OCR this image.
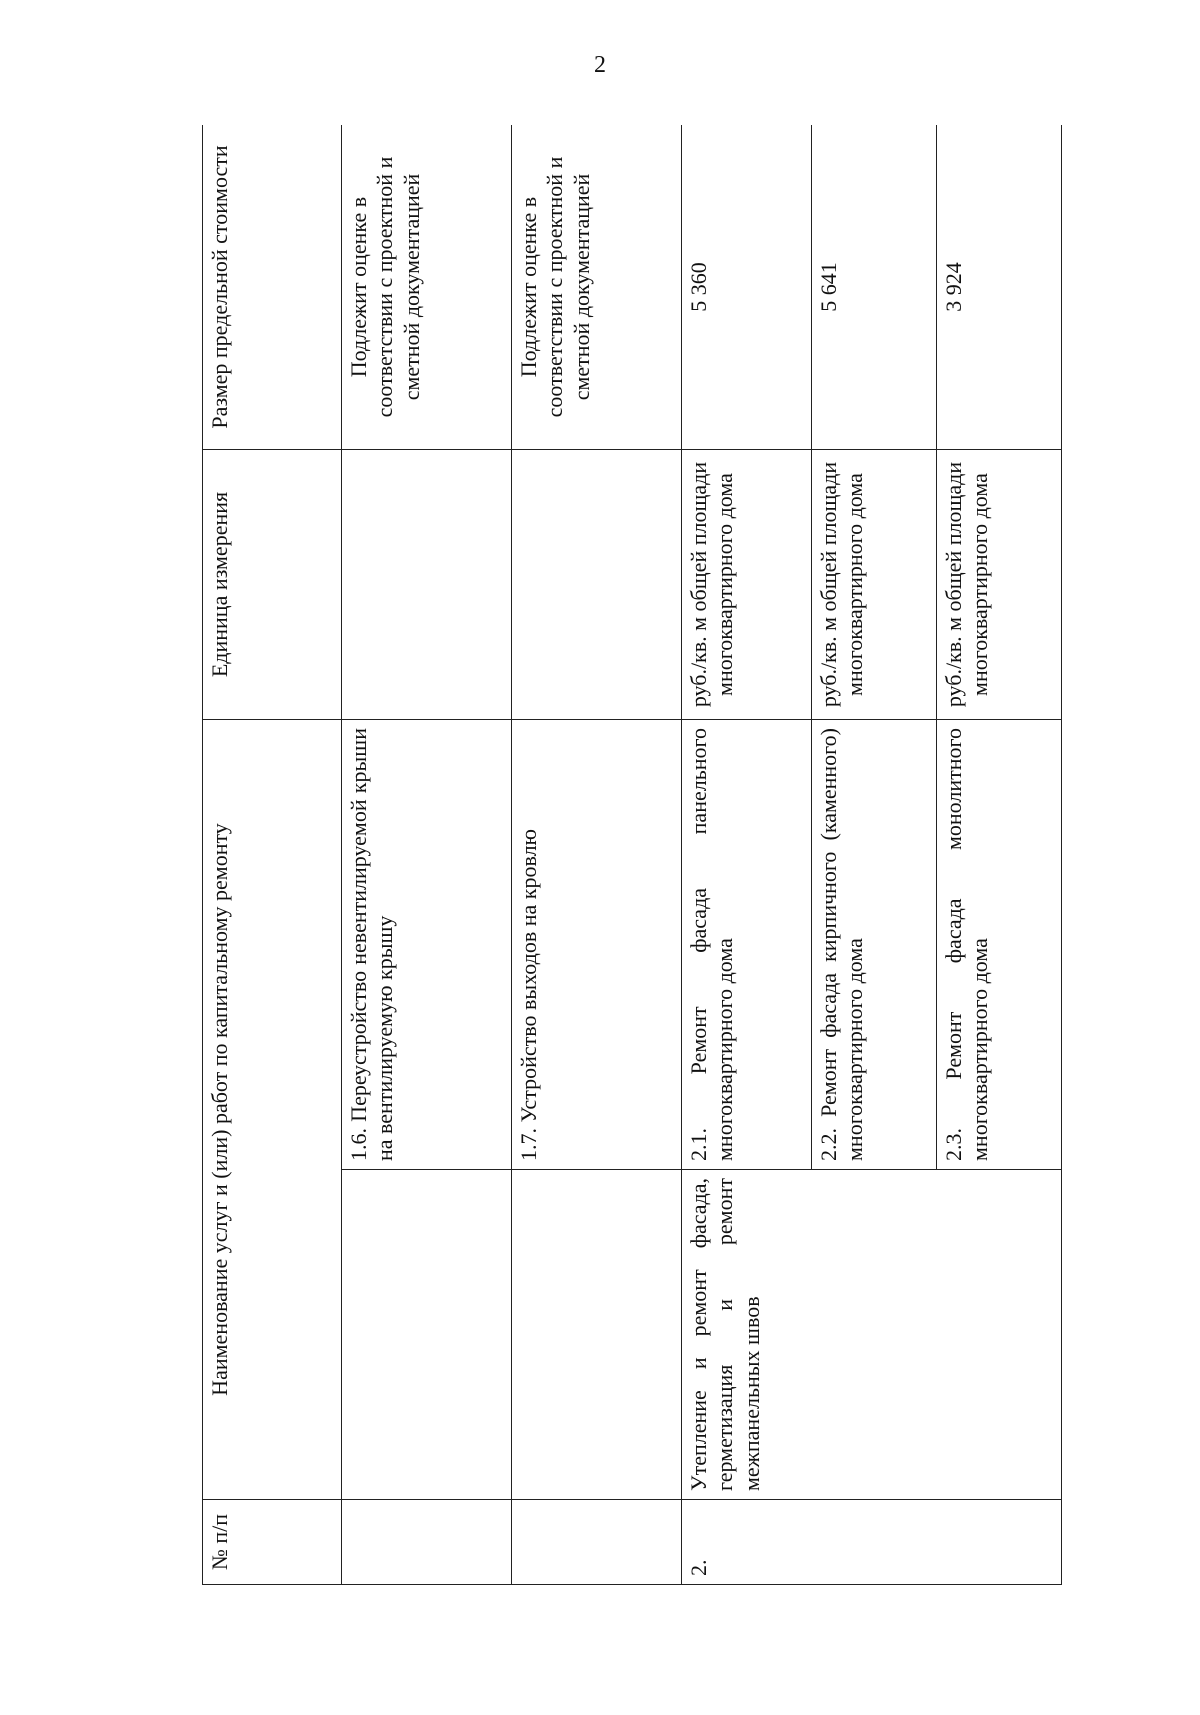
2
№ п/п	Наименование услуг и (или) работ по капитальному ремонту		Единица измерения	Размер предельной стоимости
		1.6. Переустройство невентилируемой крыши на вентилируемую крышу		Подлежит оценке в соответствии с проектной и сметной документацией
		1.7. Устройство выходов на кровлю		Подлежит оценке в соответствии с проектной и сметной документацией
2.	Утепление и ремонт фасада, герметизация и ремонт межпанельных швов	2.1. Ремонт фасада панельного многоквартирного дома	руб./кв. м общей площади многоквартирного дома	5 360
		2.2. Ремонт фасада кирпичного (каменного) многоквартирного дома	руб./кв. м общей площади многоквартирного дома	5 641
		2.3. Ремонт фасада монолитного многоквартирного дома	руб./кв. м общей площади многоквартирного дома	3 924
